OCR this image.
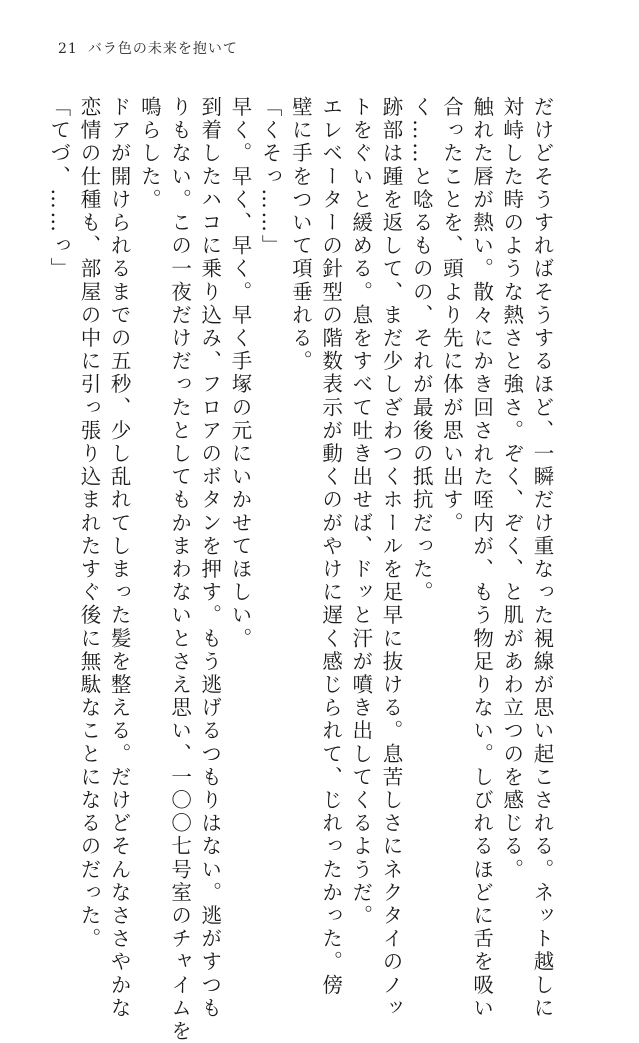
21 バラ色の未来を抱いて
だけどそうすればそうするほど、一瞬だけ重なった視線が思い起こされる。ネット越しに
対峙した時のような熱さと強さ。ぞく、ぞく、と肌があわ立つのを感じる。
触れた唇が熱い。散々にかき回された咥内が、もう物足りない。しびれるほどに舌を吸い
合ったことを、頭より先に体が思い出す。
く……と唸るものの、それが最後の抵抗だった。
跡部は踵を返して、まだ少しざわつくホールを足早に抜ける。息苦しさにネクタイのノッ
トをぐいと緩める。息をすべて吐き出せば、ドッと汗が噴き出してくるようだ。
エレベーターの針型の階数表示が動くのがやけに遅く感じられて、じれったかった。傍
壁に手をついて項垂れる。
「くそっ……」
早く。早く、早く。早く手塚の元にいかせてほしい。
到着したハコに乗り込み、フロアのボタンを押す。もう逃げるつもりはない。逃がすつも
りもない。この一夜だけだったとしてもかまわないとさえ思い、一〇〇七号室のチャイムを
鳴らした。
ドアが開けられるまでの五秒、少し乱れてしまった髪を整える。だけどそんなささやかな
恋情の仕種も、部屋の中に引っ張り込まれたすぐ後に無駄なことになるのだった。
「てづ、……っ」
